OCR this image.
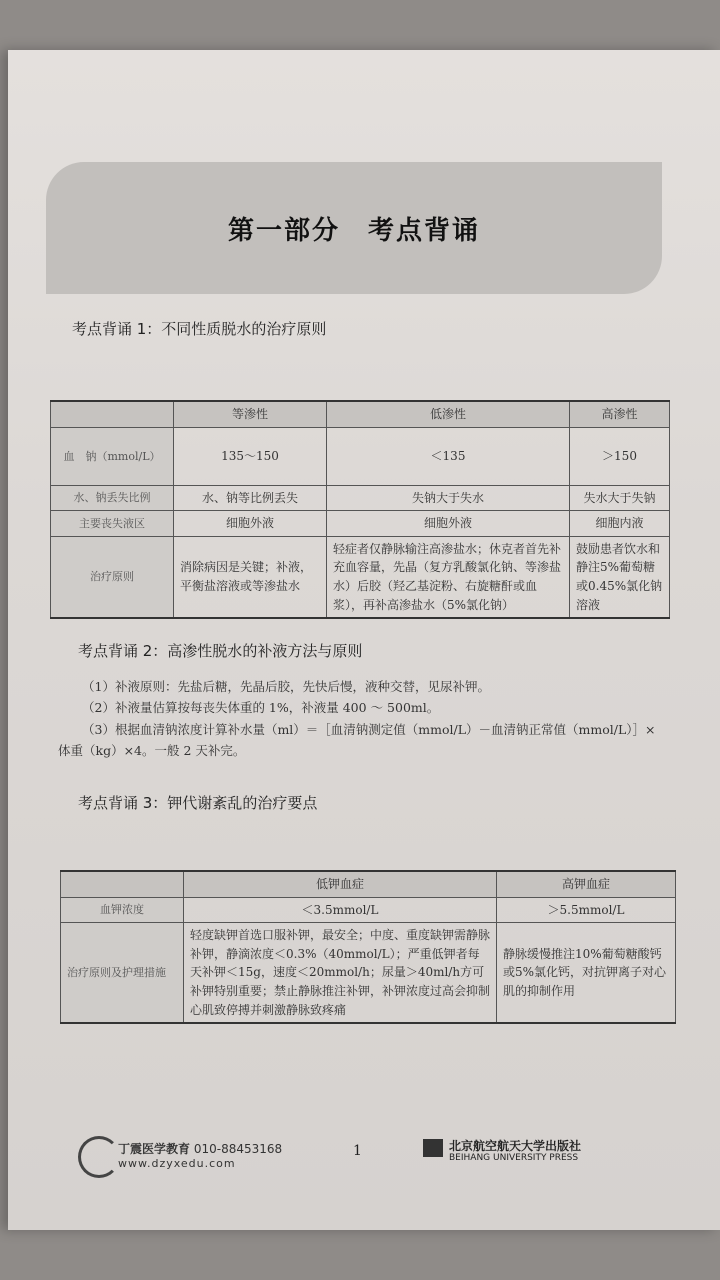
第一部分　考点背诵
考点背诵 1：不同性质脱水的治疗原则
	等渗性	低渗性	高渗性
血　钠（mmol/L）	135～150	＜135	＞150
水、钠丢失比例	水、钠等比例丢失	失钠大于失水	失水大于失钠
主要丧失液区	细胞外液	细胞外液	细胞内液
治疗原则	消除病因是关键；补液，平衡盐溶液或等渗盐水	轻症者仅静脉输注高渗盐水；休克者首先补充血容量，先晶（复方乳酸氯化钠、等渗盐水）后胶（羟乙基淀粉、右旋糖酐或血浆），再补高渗盐水（5%氯化钠）	鼓励患者饮水和静注5%葡萄糖或0.45%氯化钠溶液
考点背诵 2：高渗性脱水的补液方法与原则
（1）补液原则：先盐后糖，先晶后胶，先快后慢，液种交替，见尿补钾。
（2）补液量估算按每丧失体重的 1%，补液量 400 ～ 500ml。
（3）根据血清钠浓度计算补水量（ml）＝［血清钠测定值（mmol/L）－血清钠正常值（mmol/L）］×
体重（kg）×4。一般 2 天补完。
考点背诵 3：钾代谢紊乱的治疗要点
	低钾血症	高钾血症
血钾浓度	＜3.5mmol/L	＞5.5mmol/L
治疗原则及护理措施	轻度缺钾首选口服补钾，最安全；中度、重度缺钾需静脉补钾，静滴浓度＜0.3%（40mmol/L）；严重低钾者每天补钾＜15g，速度＜20mmol/h；尿量＞40ml/h方可补钾特别重要；禁止静脉推注补钾，补钾浓度过高会抑制心肌致停搏并刺激静脉致疼痛	静脉缓慢推注10%葡萄糖酸钙或5%氯化钙，对抗钾离子对心肌的抑制作用
丁震医学教育 010-88453168
www.dzyxedu.com
1	北京航空航天大学出版社
BEIHANG UNIVERSITY PRESS
